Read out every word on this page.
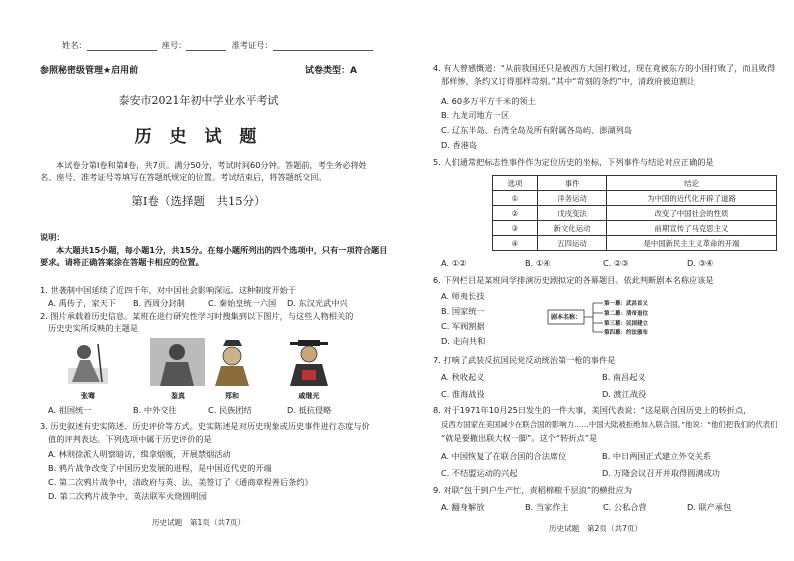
姓名：	座号：	准考证号：
参照秘密级管理★启用前	试卷类型：A
泰安市2021年初中学业水平考试
历 史 试 题
本试卷分第Ⅰ卷和第Ⅱ卷，共7页。满分50分，考试时间60分钟。答题前，考生务必将姓
名、座号、准考证号等填写在答题纸规定的位置。考试结束后，将答题纸交回。
第Ⅰ卷（选择题　共15分）
说明：
本大题共15小题，每小题1分，共15分。在每小题所列出的四个选项中，只有一项符合题目
要求。请将正确答案涂在答题卡相应的位置。
1. 世袭制中国延续了近四千年，对中国社会影响深远。这种制度开始于
A. 禹传子，家天下 B. 西周分封制	C. 秦始皇统一六国 D. 东汉光武中兴
2. 图片承载着历史信息。某班在进行研究性学习时搜集到以下图片，与这些人物相关的
历史史实所反映的主题是
张骞	鉴真	郑和	戚继光
A. 祖国统一	B. 中外交往	C. 民族团结	D. 抵抗侵略
3. 历史叙述有史实陈述、历史评价等方式。史实陈述是对历史现象或历史事件进行态度与价
值的评判表达。下列选项中属于历史评价的是
A. 林则徐派人明察暗访，缉拿烟贩，开展禁烟活动
B. 鸦片战争改变了中国历史发展的进程，是中国近代史的开端
C. 第二次鸦片战争中，清政府与英、法、美签订了《通商章程善后条约》
D. 第二次鸦片战争中，英法联军火烧圆明园
历史试题　第1页（共7页）
4. 有人曾感慨道：“从前我国还只是被西方大国打败过，现在竟被东方的小国打败了，而且败得
那样惨，条约又订得那样苛刻。”其中“苛刻的条约”中，清政府被迫割让
A. 60多万平方千米的领土
B. 九龙司地方一区
C. 辽东半岛、台湾全岛及所有附属各岛屿、澎湖列岛
D. 香港岛
5. 人们通常把标志性事件作为定位历史的坐标，下列事件与结论对应正确的是
选项	事件	结论
①	洋务运动	为中国的近代化开辟了道路
②	戊戌变法	改变了中国社会的性质
③	新文化运动	前期宣传了马克思主义
④	五四运动	是中国新民主主义革命的开端
A. ①②	B. ①④	C. ②③	D. ③④
6. 下列栏目是某班同学排演历史剧拟定的各幕题目。依此判断剧本名称应该是
A. 师夷长技
B. 国家统一
C. 军阀割据
D. 走向共和
剧本名称：
第一幕：武昌首义
第二幕：清帝退位
第三幕：民国建立
第四幕：约法颁布
7. 打响了武装反抗国民党反动统治第一枪的事件是
A. 秋收起义	B. 南昌起义
C. 淮海战役	D. 渡江战役
8. 对于1971年10月25日发生的一件大事，美国代表说：“这是联合国历史上的转折点，
反西方国家在美国减少在联合国的影响力……中国大陆被拒绝加入联合国。”他说：“他们把我们的代表们
“就是要撤出联大权一脚”。这个“转折点”是
A. 中国恢复了在联合国的合法席位	B. 中日两国正式建立外交关系
C. 不结盟运动的兴起	D. 万隆会议召开并取得圆满成功
9. 对联“包干到户生产忙，责稻棉粮千层浪”的横批应为
A. 翻身解放	B. 当家作主	C. 公私合营	D. 联产承包
历史试题　第2页（共7页）
